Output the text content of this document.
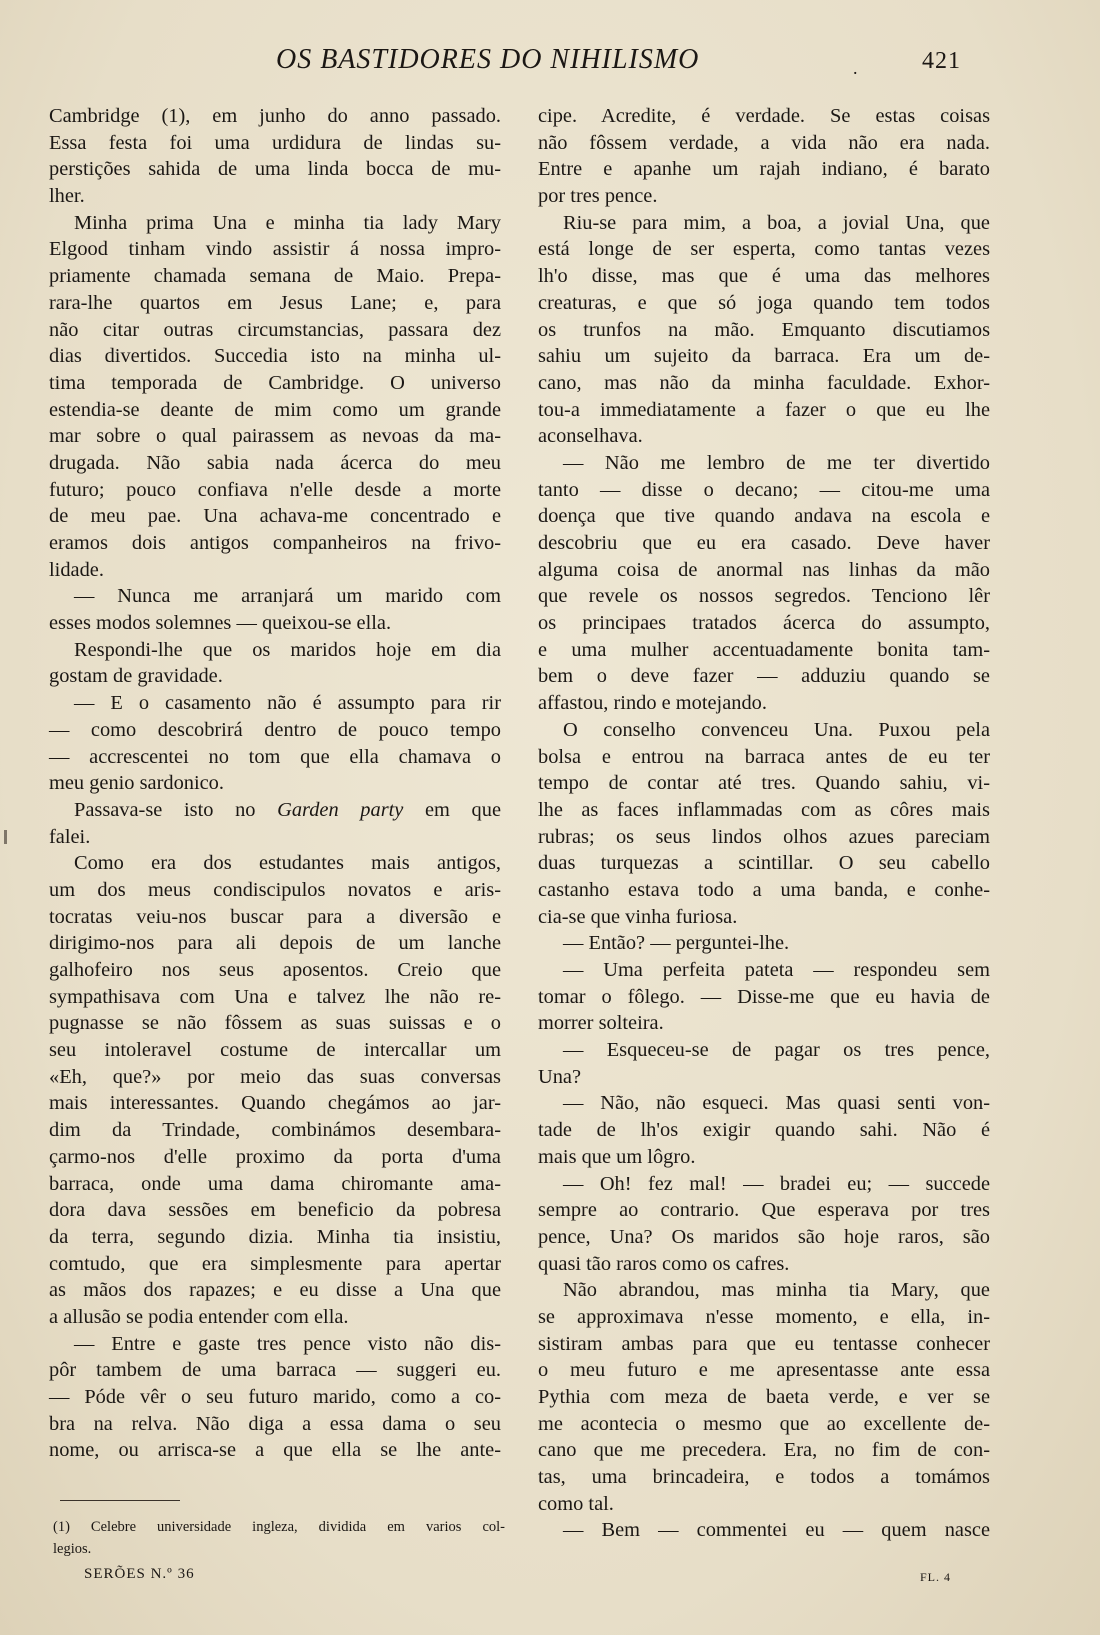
OS BASTIDORES DO NIHILISMO	.	421
Cambridge (1), em junho do anno passado.
Essa festa foi uma urdidura de lindas su-
perstições sahida de uma linda bocca de mu-
lher.
Minha prima Una e minha tia lady Mary
Elgood tinham vindo assistir á nossa impro-
priamente chamada semana de Maio. Prepa-
rara-lhe quartos em Jesus Lane; e, para
não citar outras circumstancias, passara dez
dias divertidos. Succedia isto na minha ul-
tima temporada de Cambridge. O universo
estendia-se deante de mim como um grande
mar sobre o qual pairassem as nevoas da ma-
drugada. Não sabia nada ácerca do meu
futuro; pouco confiava n'elle desde a morte
de meu pae. Una achava-me concentrado e
eramos dois antigos companheiros na frivo-
lidade.
— Nunca me arranjará um marido com
esses modos solemnes — queixou-se ella.
Respondi-lhe que os maridos hoje em dia
gostam de gravidade.
— E o casamento não é assumpto para rir
— como descobrirá dentro de pouco tempo
— accrescentei no tom que ella chamava o
meu genio sardonico.
Passava-se isto no Garden party em que
falei.
Como era dos estudantes mais antigos,
um dos meus condiscipulos novatos e aris-
tocratas veiu-nos buscar para a diversão e
dirigimo-nos para ali depois de um lanche
galhofeiro nos seus aposentos. Creio que
sympathisava com Una e talvez lhe não re-
pugnasse se não fôssem as suas suissas e o
seu intoleravel costume de intercallar um
«Eh, que?» por meio das suas conversas
mais interessantes. Quando chegámos ao jar-
dim da Trindade, combinámos desembara-
çarmo-nos d'elle proximo da porta d'uma
barraca, onde uma dama chiromante ama-
dora dava sessões em beneficio da pobresa
da terra, segundo dizia. Minha tia insistiu,
comtudo, que era simplesmente para apertar
as mãos dos rapazes; e eu disse a Una que
a allusão se podia entender com ella.
— Entre e gaste tres pence visto não dis-
pôr tambem de uma barraca — suggeri eu.
— Póde vêr o seu futuro marido, como a co-
bra na relva. Não diga a essa dama o seu
nome, ou arrisca-se a que ella se lhe ante-
cipe. Acredite, é verdade. Se estas coisas
não fôssem verdade, a vida não era nada.
Entre e apanhe um rajah indiano, é barato
por tres pence.
Riu-se para mim, a boa, a jovial Una, que
está longe de ser esperta, como tantas vezes
lh'o disse, mas que é uma das melhores
creaturas, e que só joga quando tem todos
os trunfos na mão. Emquanto discutiamos
sahiu um sujeito da barraca. Era um de-
cano, mas não da minha faculdade. Exhor-
tou-a immediatamente a fazer o que eu lhe
aconselhava.
— Não me lembro de me ter divertido
tanto — disse o decano; — citou-me uma
doença que tive quando andava na escola e
descobriu que eu era casado. Deve haver
alguma coisa de anormal nas linhas da mão
que revele os nossos segredos. Tenciono lêr
os principaes tratados ácerca do assumpto,
e uma mulher accentuadamente bonita tam-
bem o deve fazer — adduziu quando se
affastou, rindo e motejando.
O conselho convenceu Una. Puxou pela
bolsa e entrou na barraca antes de eu ter
tempo de contar até tres. Quando sahiu, vi-
lhe as faces inflammadas com as côres mais
rubras; os seus lindos olhos azues pareciam
duas turquezas a scintillar. O seu cabello
castanho estava todo a uma banda, e conhe-
cia-se que vinha furiosa.
— Então? — perguntei-lhe.
— Uma perfeita pateta — respondeu sem
tomar o fôlego. — Disse-me que eu havia de
morrer solteira.
— Esqueceu-se de pagar os tres pence,
Una?
— Não, não esqueci. Mas quasi senti von-
tade de lh'os exigir quando sahi. Não é
mais que um lôgro.
— Oh! fez mal! — bradei eu; — succede
sempre ao contrario. Que esperava por tres
pence, Una? Os maridos são hoje raros, são
quasi tão raros como os cafres.
Não abrandou, mas minha tia Mary, que
se approximava n'esse momento, e ella, in-
sistiram ambas para que eu tentasse conhecer
o meu futuro e me apresentasse ante essa
Pythia com meza de baeta verde, e ver se
me acontecia o mesmo que ao excellente de-
cano que me precedera. Era, no fim de con-
tas, uma brincadeira, e todos a tomámos
como tal.
— Bem — commentei eu — quem nasce
(1) Celebre universidade ingleza, dividida em varios col-
legios.
SERÕES N.º 36	FL. 4
